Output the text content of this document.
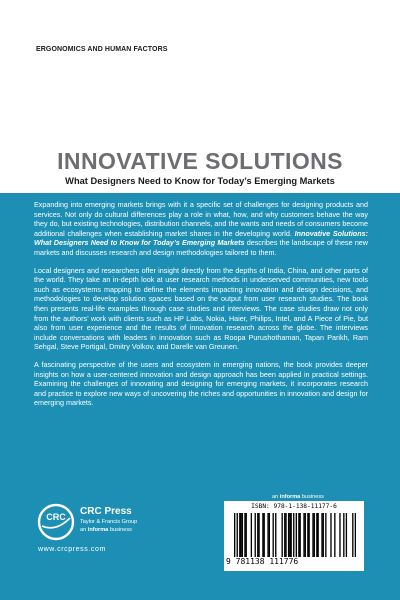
ERGONOMICS AND HUMAN FACTORS
INNOVATIVE SOLUTIONS
What Designers Need to Know for Today’s Emerging Markets

Expanding into emerging markets brings with it a specific set of challenges for designing products and services. Not only do cultural differences play a role in what, how, and why customers behave the way they do, but existing technologies, distribution channels, and the wants and needs of consumers become additional challenges when establishing market shares in the developing world. Innovative Solutions: What Designers Need to Know for Today’s Emerging Markets describes the landscape of these new markets and discusses research and design methodologies tailored to them.

Local designers and researchers offer insight directly from the depths of India, China, and other parts of the world. They take an in-depth look at user research methods in underserved communities, new tools such as ecosystems mapping to define the elements impacting innovation and design decisions, and methodologies to develop solution spaces based on the output from user research studies. The book then presents real-life examples through case studies and interviews. The case studies draw not only from the authors’ work with clients such as HP Labs, Nokia, Haier, Philips, Intel, and A Piece of Pie, but also from user experience and the results of innovation research across the globe. The interviews include conversations with leaders in innovation such as Roopa Purushothaman, Tapan Parikh, Ram Sehgal, Steve Portigal, Dmitry Volkov, and Darelle van Greunen.

A fascinating perspective of the users and ecosystem in emerging nations, the book provides deeper insights on how a user-centered innovation and design approach has been applied in practical settings. Examining the challenges of innovating and designing for emerging markets, it incorporates research and practice to explore new ways of uncovering the riches and opportunities in innovation and design for emerging markets.

CRC CRC Press
Taylor & Francis Group
an informa business
www.crcpress.com
an informa business
ISBN: 978-1-138-11177-6
9 781138 111776
